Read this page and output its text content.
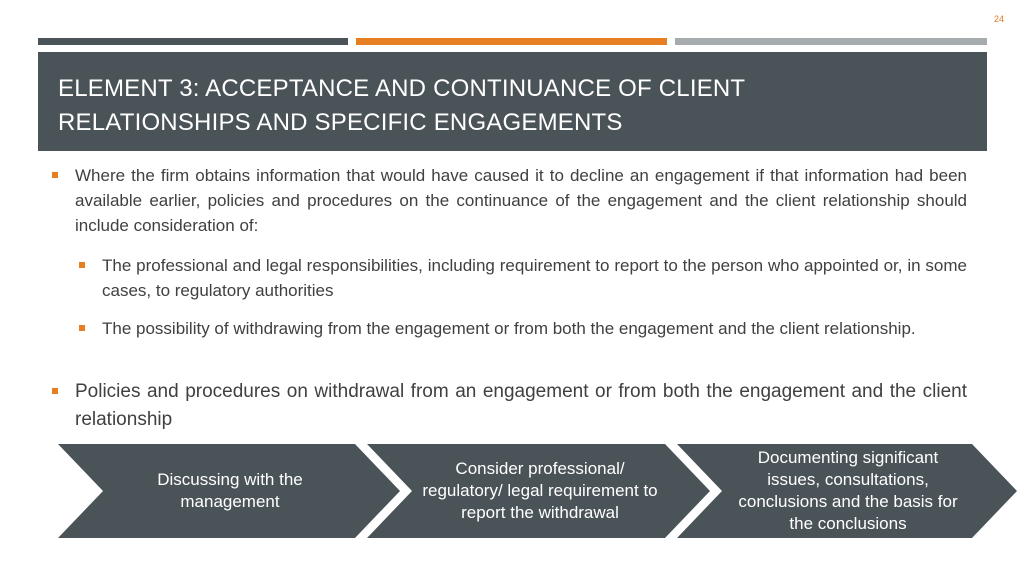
24
ELEMENT 3: ACCEPTANCE AND CONTINUANCE OF CLIENT
RELATIONSHIPS AND SPECIFIC ENGAGEMENTS
Where the firm obtains information that would have caused it to decline an engagement if that information had been available earlier, policies and procedures on the continuance of the engagement and the client relationship should include consideration of:
The professional and legal responsibilities, including requirement to report to the person who appointed or, in some cases, to regulatory authorities
The possibility of withdrawing from the engagement or from both the engagement and the client relationship.
Policies and procedures on withdrawal from an engagement or from both the engagement and the client relationship
Discussing with the management
Consider professional/ regulatory/ legal requirement to report the withdrawal
Documenting significant issues, consultations, conclusions and the basis for the conclusions
